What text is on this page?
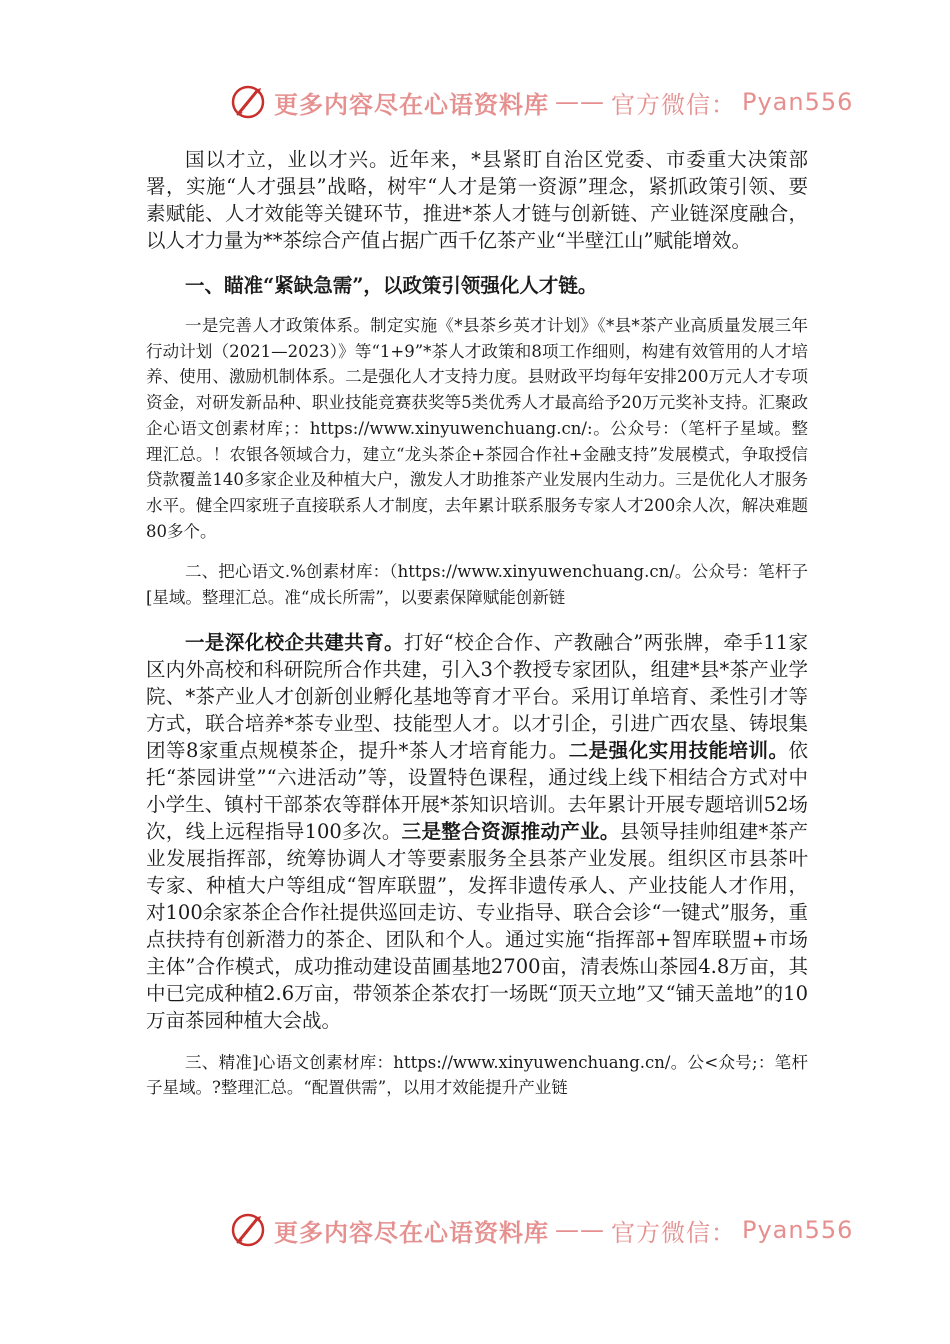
更多内容尽在心语资料库 —— 官方微信： Pyan556

国以才立，业以才兴。近年来，*县紧盯自治区党委、市委重大决策部署，实施“人才强县”战略，树牢“人才是第一资源”理念，紧抓政策引领、要素赋能、人才效能等关键环节，推进*茶人才链与创新链、产业链深度融合，以人才力量为**茶综合产值占据广西千亿茶产业“半壁江山”赋能增效。

一、瞄准“紧缺急需”，以政策引领强化人才链。

一是完善人才政策体系。制定实施《*县茶乡英才计划》《*县*茶产业高质量发展三年行动计划（2021—2023）》等“1+9”*茶人才政策和8项工作细则，构建有效管用的人才培养、使用、激励机制体系。二是强化人才支持力度。县财政平均每年安排200万元人才专项资金，对研发新品种、职业技能竞赛获奖等5类优秀人才最高给予20万元奖补支持。汇聚政企心语文创素材库；：https://www.xinyuwenchuang.cn/:。公众号：（笔杆子星域。整理汇总。！农银各领域合力，建立“龙头茶企+茶园合作社+金融支持”发展模式，争取授信贷款覆盖140多家企业及种植大户，激发人才助推茶产业发展内生动力。三是优化人才服务水平。健全四家班子直接联系人才制度，去年累计联系服务专家人才200余人次，解决难题80多个。

二、把心语文.%创素材库：（https://www.xinyuwenchuang.cn/。公众号：笔杆子[星域。整理汇总。准“成长所需”，以要素保障赋能创新链

一是深化校企共建共育。打好“校企合作、产教融合”两张牌，牵手11家区内外高校和科研院所合作共建，引入3个教授专家团队，组建*县*茶产业学院、*茶产业人才创新创业孵化基地等育才平台。采用订单培育、柔性引才等方式，联合培养*茶专业型、技能型人才。以才引企，引进广西农垦、铸垠集团等8家重点规模茶企，提升*茶人才培育能力。二是强化实用技能培训。依托“茶园讲堂”“六进活动”等，设置特色课程，通过线上线下相结合方式对中小学生、镇村干部茶农等群体开展*茶知识培训。去年累计开展专题培训52场次，线上远程指导100多次。三是整合资源推动产业。县领导挂帅组建*茶产业发展指挥部，统筹协调人才等要素服务全县茶产业发展。组织区市县茶叶专家、种植大户等组成“智库联盟”，发挥非遗传承人、产业技能人才作用，对100余家茶企合作社提供巡回走访、专业指导、联合会诊“一键式”服务，重点扶持有创新潜力的茶企、团队和个人。通过实施“指挥部+智库联盟+市场主体”合作模式，成功推动建设苗圃基地2700亩，清表炼山茶园4.8万亩，其中已完成种植2.6万亩，带领茶企茶农打一场既“顶天立地”又“铺天盖地”的10万亩茶园种植大会战。

三、精准]心语文创素材库：https://www.xinyuwenchuang.cn/。公<众号;：笔杆子星域。?整理汇总。“配置供需”，以用才效能提升产业链

更多内容尽在心语资料库 —— 官方微信： Pyan556
